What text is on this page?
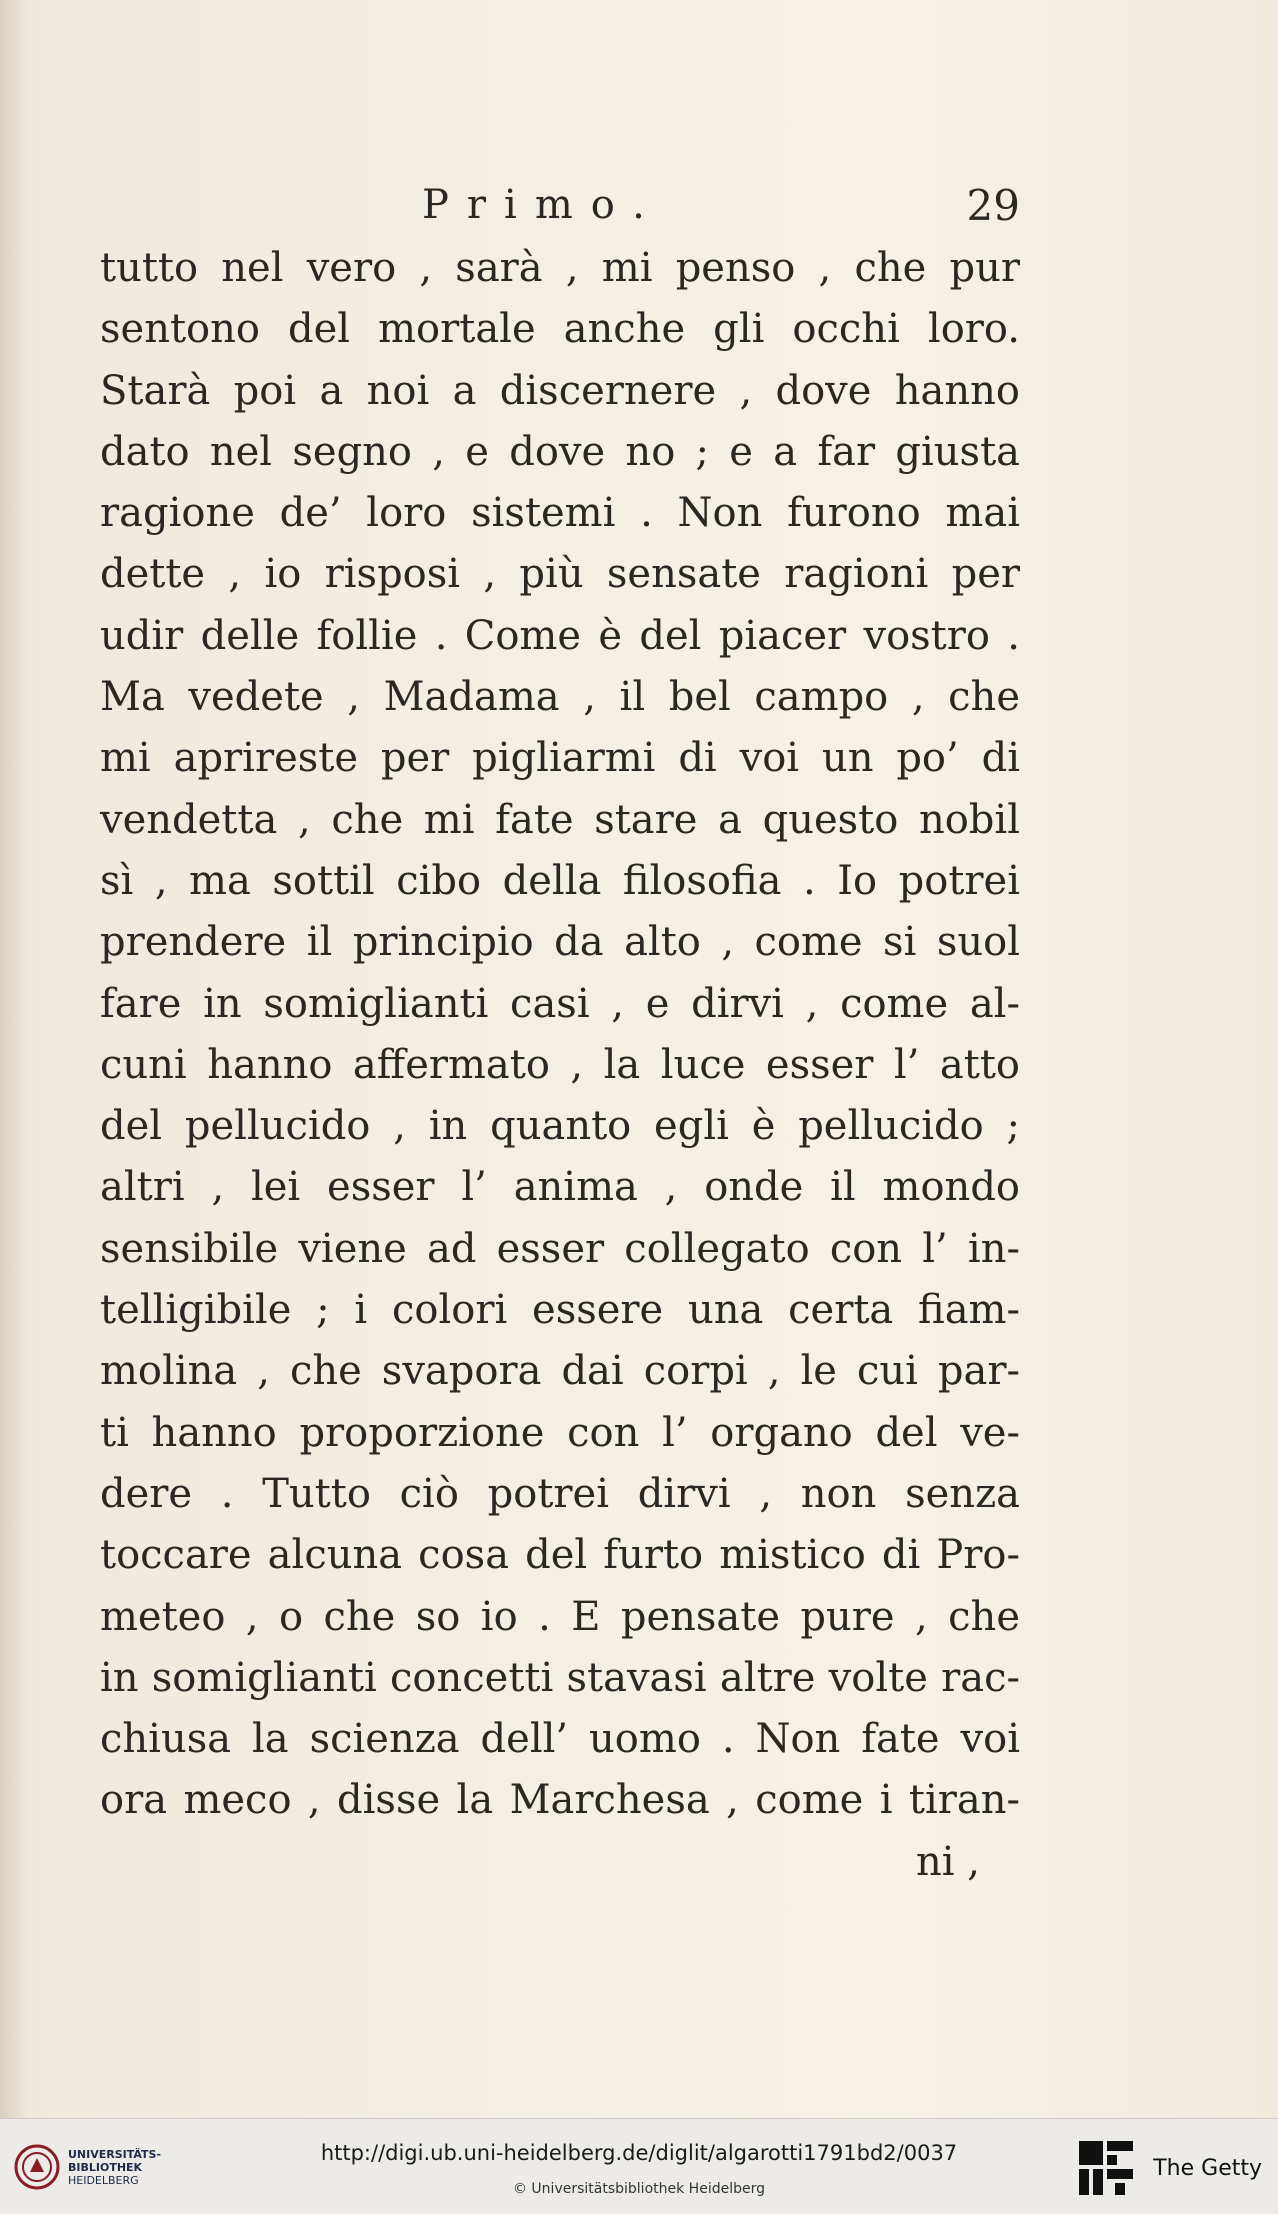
Primo.	29
tutto nel vero , sarà , mi penso , che pur
sentono del mortale anche gli occhi loro.
Starà poi a noi a discernere , dove hanno
dato nel segno , e dove no ; e a far giusta
ragione de’ loro sistemi . Non furono mai
dette , io risposi , più sensate ragioni per
udir delle follie . Come è del piacer vostro .
Ma vedete , Madama , il bel campo , che
mi aprireste per pigliarmi di voi un po’ di
vendetta , che mi fate stare a questo nobil
sì , ma sottil cibo della filosofia . Io potrei
prendere il principio da alto , come si suol
fare in somiglianti casi , e dirvi , come al-
cuni hanno affermato , la luce esser l’ atto
del pellucido , in quanto egli è pellucido ;
altri , lei esser l’ anima , onde il mondo
sensibile viene ad esser collegato con l’ in-
telligibile ; i colori essere una certa fiam-
molina , che svapora dai corpi , le cui par-
ti hanno proporzione con l’ organo del ve-
dere . Tutto ciò potrei dirvi , non senza
toccare alcuna cosa del furto mistico di Pro-
meteo , o che so io . E pensate pure , che
in somiglianti concetti stavasi altre volte rac-
chiusa la scienza dell’ uomo . Non fate voi
ora meco , disse la Marchesa , come i tiran-
ni ,
UNIVERSITÄTS-
BIBLIOTHEK
HEIDELBERG
http://digi.ub.uni-heidelberg.de/diglit/algarotti1791bd2/0037
© Universitätsbibliothek Heidelberg
The Getty
